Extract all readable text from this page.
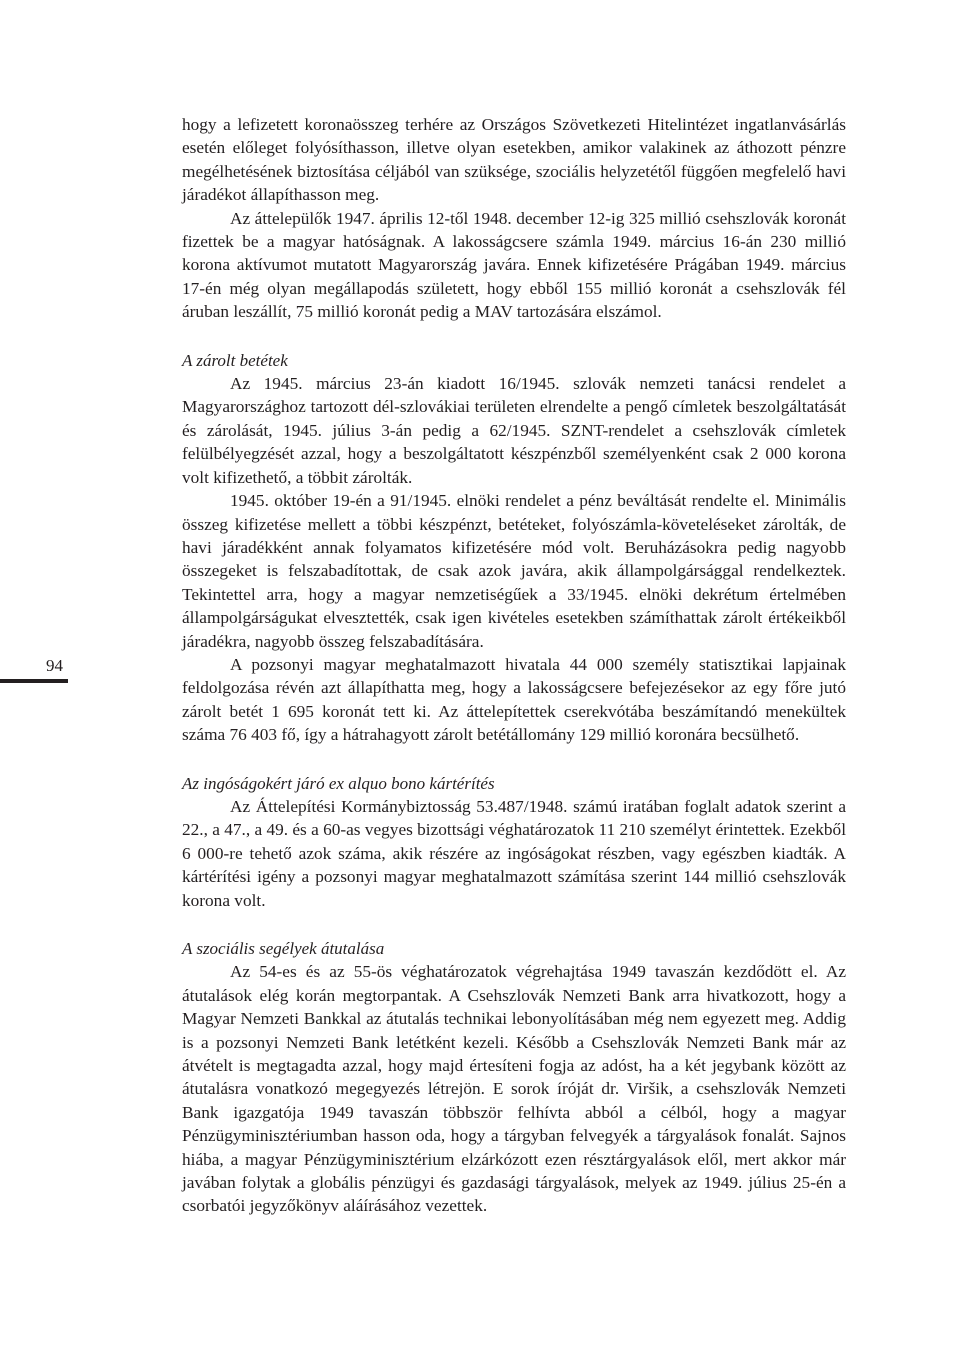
94

hogy a lefizetett koronaösszeg terhére az Országos Szövetkezeti Hitelintézet ingatlanvásárlás esetén előleget folyósíthasson, illetve olyan esetekben, amikor valakinek az áthozott pénzre megélhetésének biztosítása céljából van szüksége, szociális helyzetétől függően megfelelő havi járadékot állapíthasson meg.

Az áttelepülők 1947. április 12-től 1948. december 12-ig 325 millió csehszlovák koronát fizettek be a magyar hatóságnak. A lakosságcsere számla 1949. március 16-án 230 millió korona aktívumot mutatott Magyarország javára. Ennek kifizetésére Prágában 1949. március 17-én még olyan megállapodás született, hogy ebből 155 millió koronát a csehszlovák fél áruban leszállít, 75 millió koronát pedig a MAV tartozására elszámol.

A zárolt betétek

Az 1945. március 23-án kiadott 16/1945. szlovák nemzeti tanácsi rendelet a Magyarországhoz tartozott dél-szlovákiai területen elrendelte a pengő címletek beszolgáltatását és zárolását, 1945. július 3-án pedig a 62/1945. SZNT-rendelet a csehszlovák címletek felülbélyegzését azzal, hogy a beszolgáltatott készpénzből személyenként csak 2 000 korona volt kifizethető, a többit zárolták.

1945. október 19-én a 91/1945. elnöki rendelet a pénz beváltását rendelte el. Minimális összeg kifizetése mellett a többi készpénzt, betéteket, folyószámla-követeléseket zárolták, de havi járadékként annak folyamatos kifizetésére mód volt. Beruházásokra pedig nagyobb összegeket is felszabadítottak, de csak azok javára, akik állampolgársággal rendelkeztek. Tekintettel arra, hogy a magyar nemzetiségűek a 33/1945. elnöki dekrétum értelmében állampolgárságukat elvesztették, csak igen kivételes esetekben számíthattak zárolt értékeikből járadékra, nagyobb összeg felszabadítására.

A pozsonyi magyar meghatalmazott hivatala 44 000 személy statisztikai lapjainak feldolgozása révén azt állapíthatta meg, hogy a lakosságcsere befejezésekor az egy főre jutó zárolt betét 1 695 koronát tett ki. Az áttelepítettek cserekvótába beszámítandó menekültek száma 76 403 fő, így a hátrahagyott zárolt betétállomány 129 millió koronára becsülhető.

Az ingóságokért járó ex alquo bono kártérítés

Az Áttelepítési Kormánybiztosság 53.487/1948. számú iratában foglalt adatok szerint a 22., a 47., a 49. és a 60-as vegyes bizottsági véghatározatok 11 210 személyt érintettek. Ezekből 6 000-re tehető azok száma, akik részére az ingóságokat részben, vagy egészben kiadták. A kártérítési igény a pozsonyi magyar meghatalmazott számítása szerint 144 millió csehszlovák korona volt.

A szociális segélyek átutalása

Az 54-es és az 55-ös véghatározatok végrehajtása 1949 tavaszán kezdődött el. Az átutalások elég korán megtorpantak. A Csehszlovák Nemzeti Bank arra hivatkozott, hogy a Magyar Nemzeti Bankkal az átutalás technikai lebonyolításában még nem egyezett meg. Addig is a pozsonyi Nemzeti Bank letétként kezeli. Később a Csehszlovák Nemzeti Bank már az átvételt is megtagadta azzal, hogy majd értesíteni fogja az adóst, ha a két jegybank között az átutalásra vonatkozó megegyezés létrejön. E sorok íróját dr. Viršik, a csehszlovák Nemzeti Bank igazgatója 1949 tavaszán többször felhívta abból a célból, hogy a magyar Pénzügyminisztériumban hasson oda, hogy a tárgyban felvegyék a tárgyalások fonalát. Sajnos hiába, a magyar Pénzügyminisztérium elzárkózott ezen résztárgyalások elől, mert akkor már javában folytak a globális pénzügyi és gazdasági tárgyalások, melyek az 1949. július 25-én a csorbatói jegyzőkönyv aláírásához vezettek.
